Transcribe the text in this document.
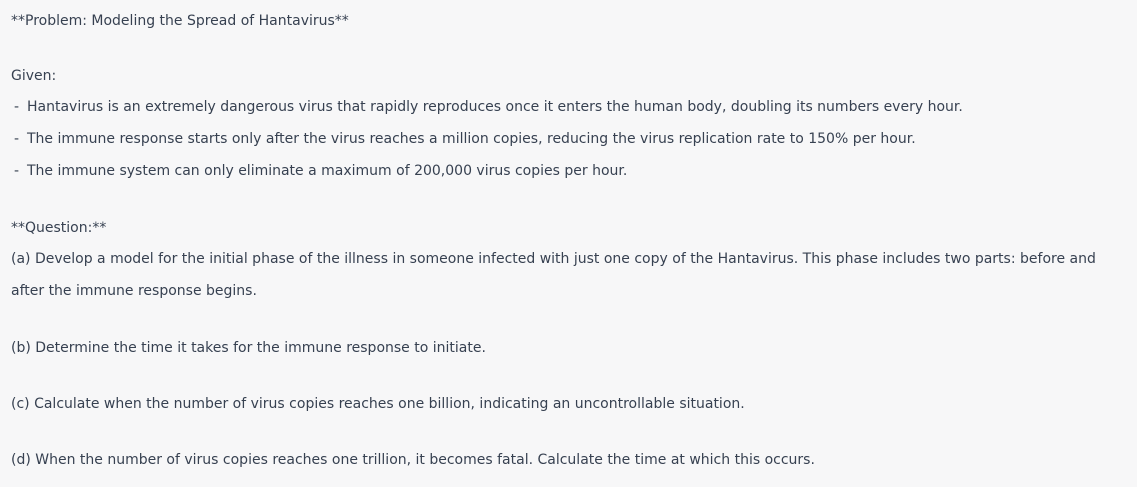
**Problem: Modeling the Spread of Hantavirus**
Given:
- Hantavirus is an extremely dangerous virus that rapidly reproduces once it enters the human body, doubling its numbers every hour.
- The immune response starts only after the virus reaches a million copies, reducing the virus replication rate to 150% per hour.
- The immune system can only eliminate a maximum of 200,000 virus copies per hour.
**Question:**
(a) Develop a model for the initial phase of the illness in someone infected with just one copy of the Hantavirus. This phase includes two parts: before and after the immune response begins.
(b) Determine the time it takes for the immune response to initiate.
(c) Calculate when the number of virus copies reaches one billion, indicating an uncontrollable situation.
(d) When the number of virus copies reaches one trillion, it becomes fatal. Calculate the time at which this occurs.
